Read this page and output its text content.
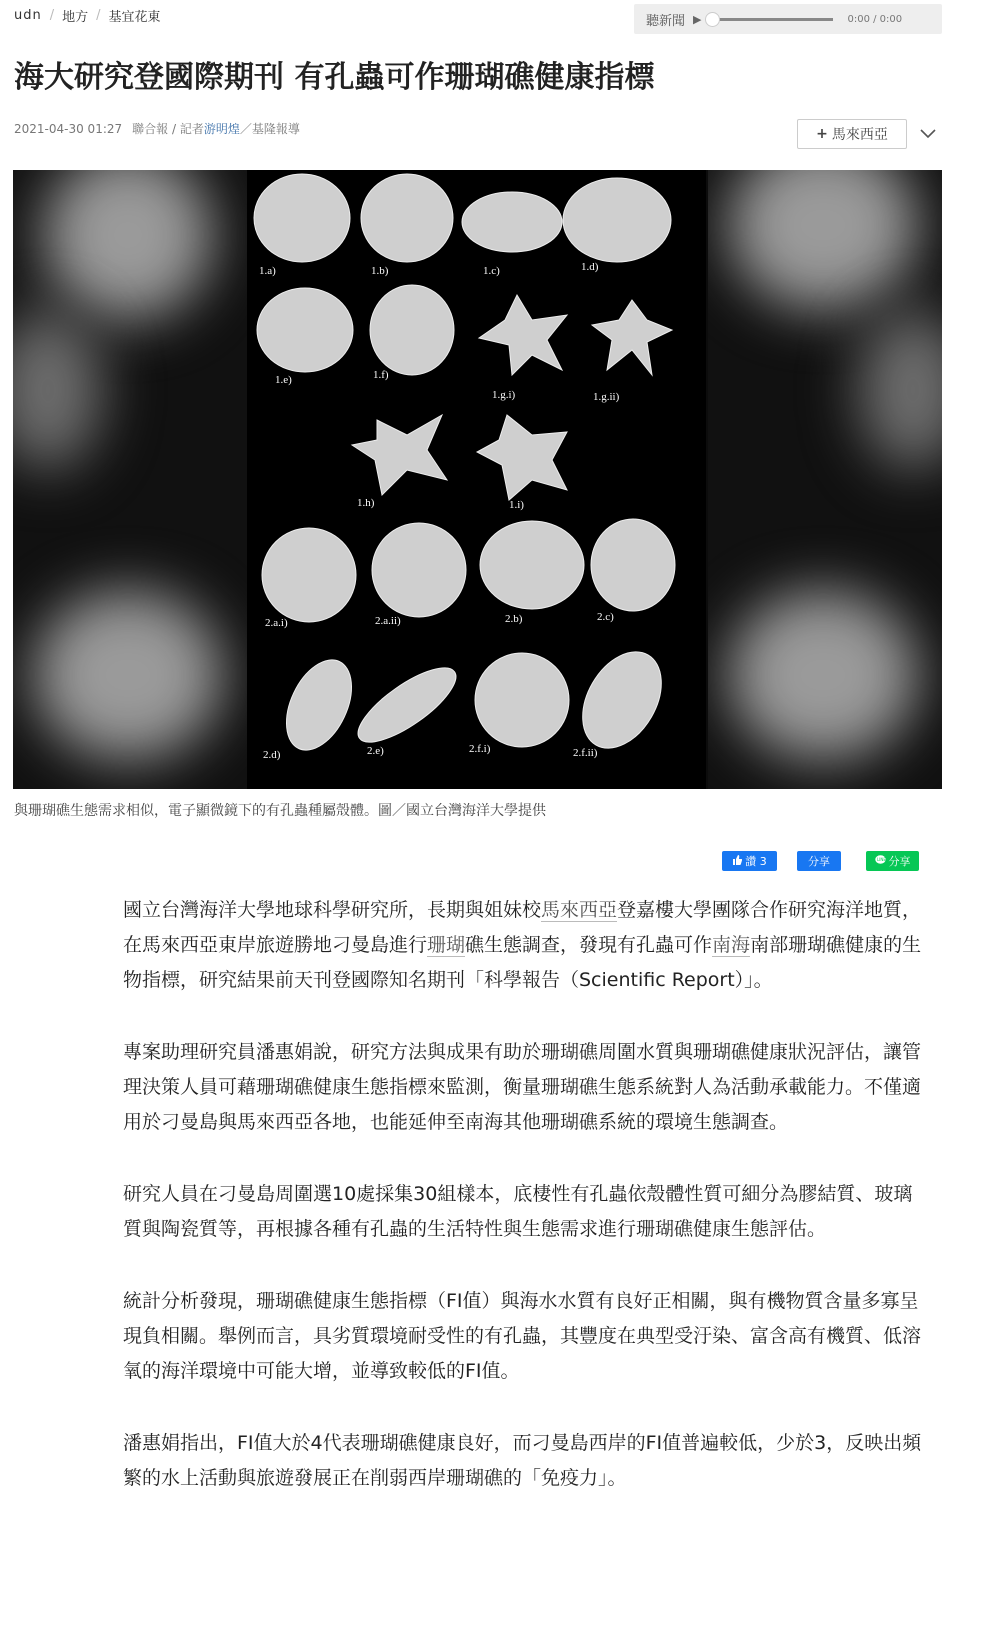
udn / 地方 / 基宜花東	聽新聞 ▶	0:00 / 0:00
海大研究登國際期刊 有孔蟲可作珊瑚礁健康指標
2021-04-30 01:27 聯合報 / 記者 游明煌 ／基隆報導	+ 馬來西亞
1.a)	1.b)	1.c)	1.d)
1.e)	1.f)
1.g.i)	1.g.ii)
1.h)	1.i)
2.a.i)	2.a.ii)	2.b)	2.c)
2.d)	2.e)	2.f.i)	2.f.ii)
與珊瑚礁生態需求相似，電子顯微鏡下的有孔蟲種屬殼體。圖／國立台灣海洋大學提供
讚 3	分享	LINE 分享

國立台灣海洋大學地球科學研究所，長期與姐妹校馬來西亞登嘉樓大學團隊合作研究海洋地質，在馬來西亞東岸旅遊勝地刁曼島進行珊瑚礁生態調查，發現有孔蟲可作南海南部珊瑚礁健康的生物指標，研究結果前天刊登國際知名期刊「科學報告（Scientific Report）」。

專案助理研究員潘惠娟說，研究方法與成果有助於珊瑚礁周圍水質與珊瑚礁健康狀況評估，讓管理決策人員可藉珊瑚礁健康生態指標來監測，衡量珊瑚礁生態系統對人為活動承載能力。不僅適用於刁曼島與馬來西亞各地，也能延伸至南海其他珊瑚礁系統的環境生態調查。

研究人員在刁曼島周圍選10處採集30組樣本，底棲性有孔蟲依殼體性質可細分為膠結質、玻璃質與陶瓷質等，再根據各種有孔蟲的生活特性與生態需求進行珊瑚礁健康生態評估。

統計分析發現，珊瑚礁健康生態指標（FI值）與海水水質有良好正相關，與有機物質含量多寡呈現負相關。舉例而言，具劣質環境耐受性的有孔蟲，其豐度在典型受汙染、富含高有機質、低溶氧的海洋環境中可能大增，並導致較低的FI值。

潘惠娟指出，FI值大於4代表珊瑚礁健康良好，而刁曼島西岸的FI值普遍較低，少於3，反映出頻繁的水上活動與旅遊發展正在削弱西岸珊瑚礁的「免疫力」。
